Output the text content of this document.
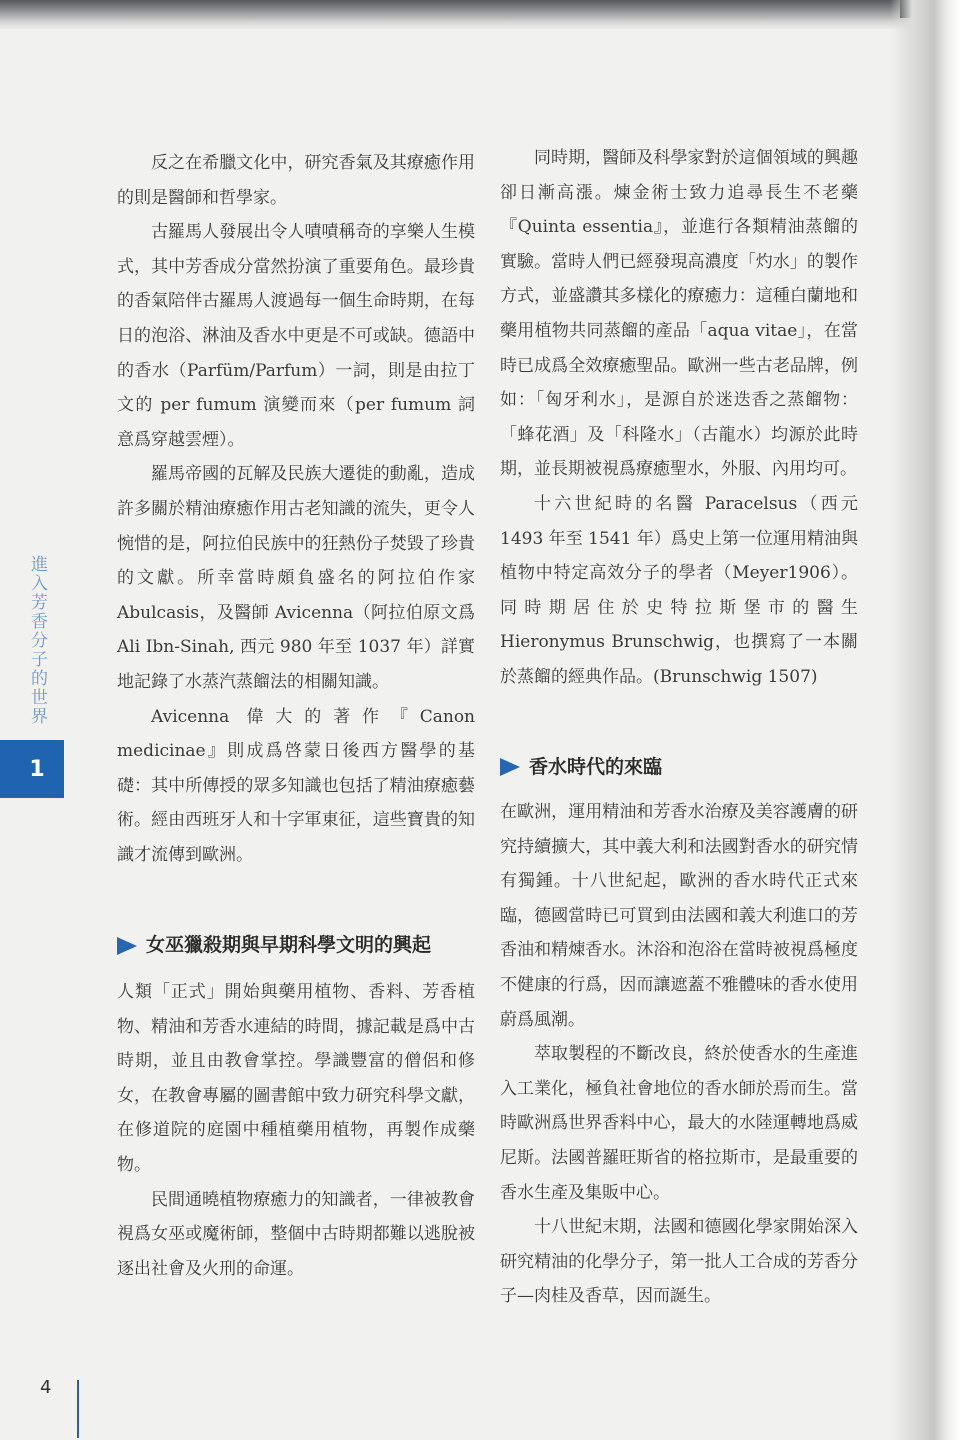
進入芳香分子的世界
1

反之在希臘文化中，研究香氣及其療癒作用的則是醫師和哲學家。

古羅馬人發展出令人嘖嘖稱奇的享樂人生模式，其中芳香成分當然扮演了重要角色。最珍貴的香氣陪伴古羅馬人渡過每一個生命時期，在每日的泡浴、淋油及香水中更是不可或缺。德語中的香水（Parfüm/Parfum）一詞，則是由拉丁文的 per fumum 演變而來（per fumum 詞意爲穿越雲煙）。

羅馬帝國的瓦解及民族大遷徙的動亂，造成許多關於精油療癒作用古老知識的流失，更令人惋惜的是，阿拉伯民族中的狂熱份子焚毀了珍貴的文獻。所幸當時頗負盛名的阿拉伯作家 Abulcasis，及醫師 Avicenna（阿拉伯原文爲 Ali Ibn-Sinah, 西元 980 年至 1037 年）詳實地記錄了水蒸汽蒸餾法的相關知識。

Avicenna 偉大的著作『Canon medicinae』則成爲啓蒙日後西方醫學的基礎：其中所傳授的眾多知識也包括了精油療癒藝術。經由西班牙人和十字軍東征，這些寶貴的知識才流傳到歐洲。

女巫獵殺期與早期科學文明的興起

人類「正式」開始與藥用植物、香料、芳香植物、精油和芳香水連結的時間，據記載是爲中古時期，並且由教會掌控。學識豐富的僧侶和修女，在教會專屬的圖書館中致力研究科學文獻，在修道院的庭園中種植藥用植物，再製作成藥物。

民間通曉植物療癒力的知識者，一律被教會視爲女巫或魔術師，整個中古時期都難以逃脫被逐出社會及火刑的命運。

同時期，醫師及科學家對於這個領域的興趣卻日漸高漲。煉金術士致力追尋長生不老藥『Quinta essentia』，並進行各類精油蒸餾的實驗。當時人們已經發現高濃度「灼水」的製作方式，並盛讚其多樣化的療癒力：這種白蘭地和藥用植物共同蒸餾的產品「aqua vitae」，在當時已成爲全效療癒聖品。歐洲一些古老品牌，例如：「匈牙利水」，是源自於迷迭香之蒸餾物：「蜂花酒」及「科隆水」（古龍水）均源於此時期，並長期被視爲療癒聖水，外服、內用均可。

十六世紀時的名醫 Paracelsus（西元 1493 年至 1541 年）爲史上第一位運用精油與植物中特定高效分子的學者（Meyer1906）。同時期居住於史特拉斯堡市的醫生 Hieronymus Brunschwig，也撰寫了一本關於蒸餾的經典作品。(Brunschwig 1507)

香水時代的來臨

在歐洲，運用精油和芳香水治療及美容護膚的研究持續擴大，其中義大利和法國對香水的研究情有獨鍾。十八世紀起，歐洲的香水時代正式來臨，德國當時已可買到由法國和義大利進口的芳香油和精煉香水。沐浴和泡浴在當時被視爲極度不健康的行爲，因而讓遮蓋不雅體味的香水使用蔚爲風潮。

萃取製程的不斷改良，終於使香水的生產進入工業化，極負社會地位的香水師於焉而生。當時歐洲爲世界香料中心，最大的水陸運轉地爲威尼斯。法國普羅旺斯省的格拉斯市，是最重要的香水生產及集販中心。

十八世紀末期，法國和德國化學家開始深入研究精油的化學分子，第一批人工合成的芳香分子—肉桂及香草，因而誕生。

4
